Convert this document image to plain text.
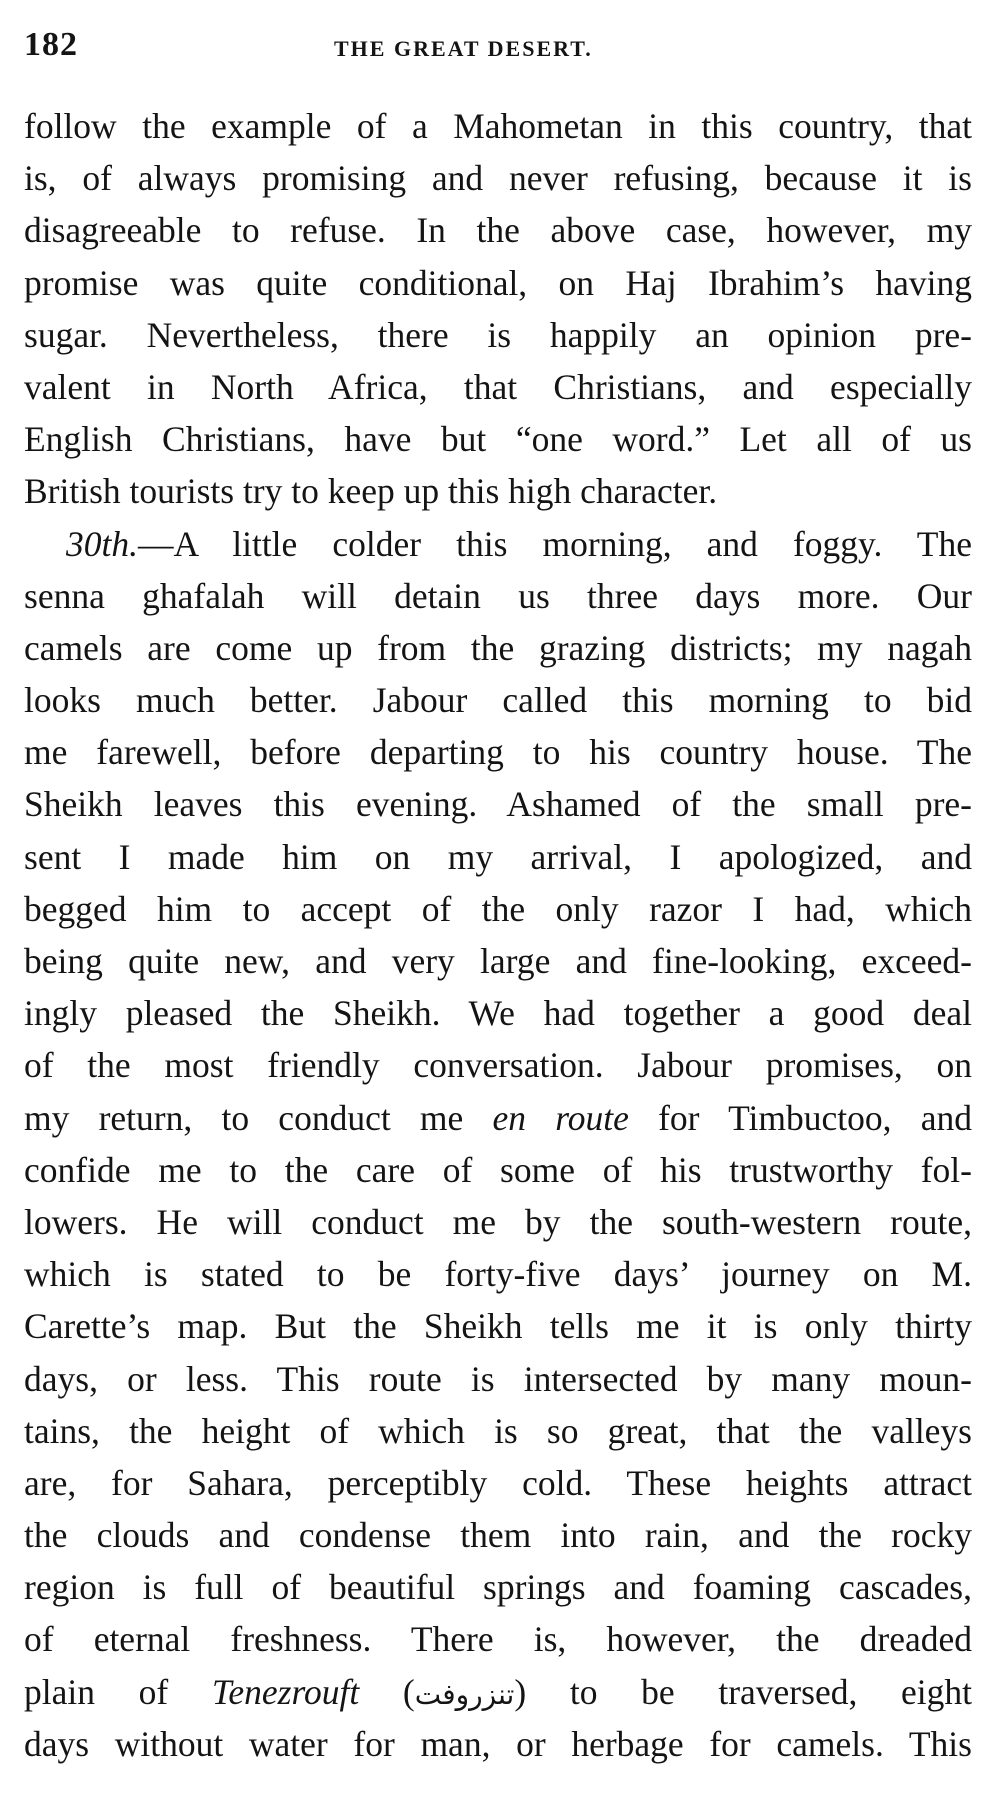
182	THE GREAT DESERT.
follow the example of a Mahometan in this country, that
is, of always promising and never refusing, because it is
disagreeable to refuse. In the above case, however, my
promise was quite conditional, on Haj Ibrahim’s having
sugar. Nevertheless, there is happily an opinion pre-
valent in North Africa, that Christians, and especially
English Christians, have but “one word.” Let all of us
British tourists try to keep up this high character.
30th.—A little colder this morning, and foggy. The
senna ghafalah will detain us three days more. Our
camels are come up from the grazing districts; my nagah
looks much better. Jabour called this morning to bid
me farewell, before departing to his country house. The
Sheikh leaves this evening. Ashamed of the small pre-
sent I made him on my arrival, I apologized, and
begged him to accept of the only razor I had, which
being quite new, and very large and fine-looking, exceed-
ingly pleased the Sheikh. We had together a good deal
of the most friendly conversation. Jabour promises, on
my return, to conduct me en route for Timbuctoo, and
confide me to the care of some of his trustworthy fol-
lowers. He will conduct me by the south-western route,
which is stated to be forty-five days’ journey on M.
Carette’s map. But the Sheikh tells me it is only thirty
days, or less. This route is intersected by many moun-
tains, the height of which is so great, that the valleys
are, for Sahara, perceptibly cold. These heights attract
the clouds and condense them into rain, and the rocky
region is full of beautiful springs and foaming cascades,
of eternal freshness. There is, however, the dreaded
plain of Tenezrouft (تنزروفت) to be traversed, eight
days without water for man, or herbage for camels. This
